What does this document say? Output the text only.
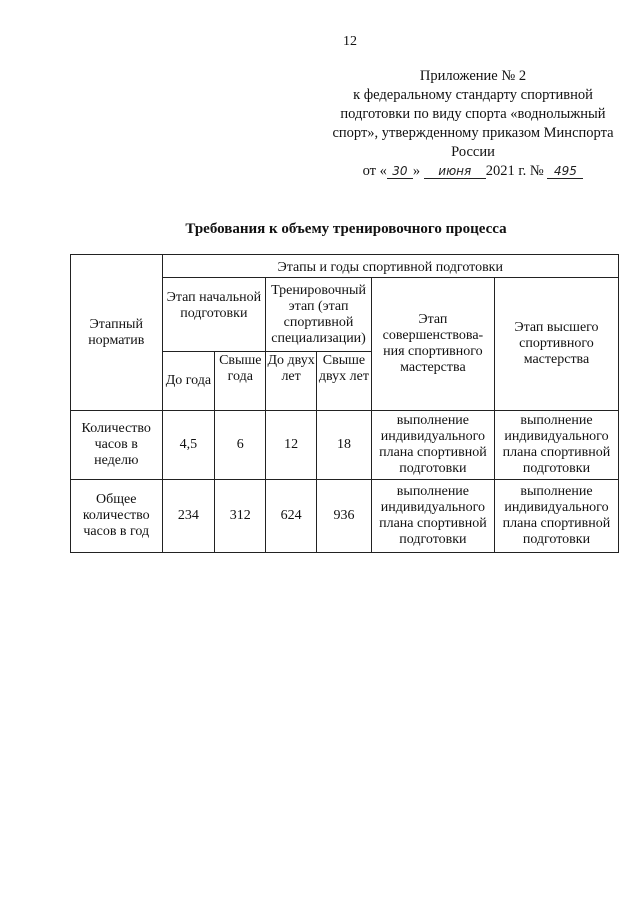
12
Приложение № 2
к федеральному стандарту спортивной
подготовки по виду спорта «воднолыжный
спорт», утвержденному приказом Минспорта
России
от « 30 » июня 2021 г. № 495
Требования к объему тренировочного процесса
Этапный норматив	Этапы и годы спортивной подготовки					
	Этап начальной подготовки		Тренировочный этап (этап спортивной специализации)		Этап совершенствова-ния спортивного мастерства	Этап высшего спортивного мастерства
	До года	Свыше года	До двух лет	Свыше двух лет		
Количество часов в неделю	4,5	6	12	18	выполнение индивидуального плана спортивной подготовки	выполнение индивидуального плана спортивной подготовки
Общее количество часов в год	234	312	624	936	выполнение индивидуального плана спортивной подготовки	выполнение индивидуального плана спортивной подготовки
